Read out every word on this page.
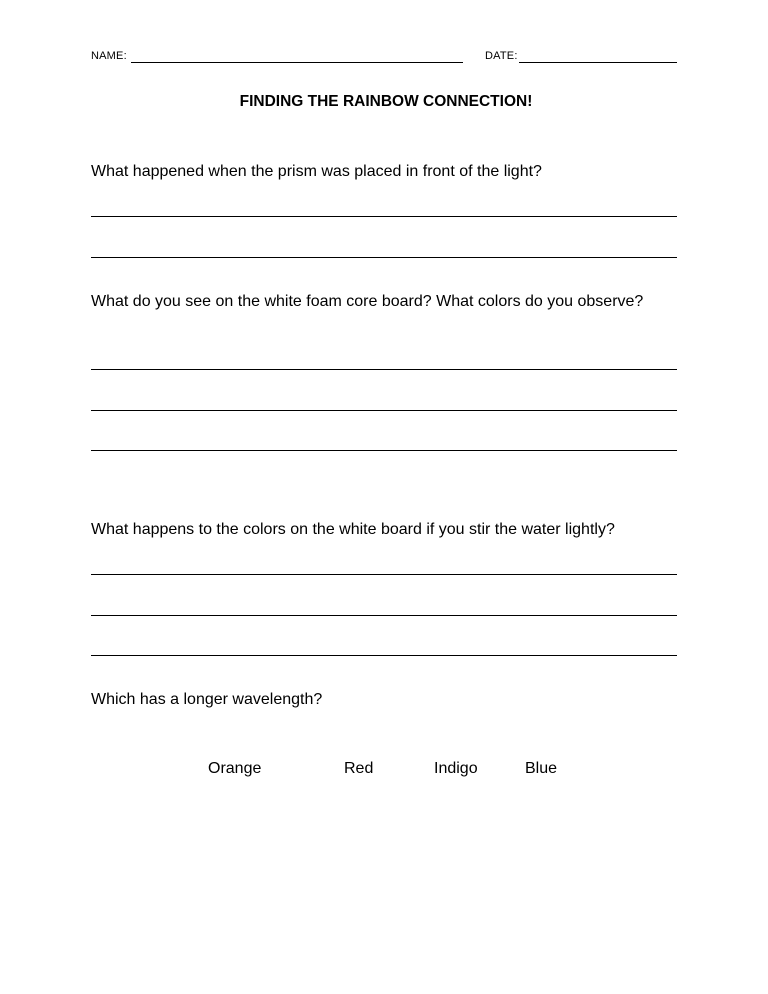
NAME:	DATE:
FINDING THE RAINBOW CONNECTION!
What happened when the prism was placed in front of the light?
What do you see on the white foam core board? What colors do you observe?
What happens to the colors on the white board if you stir the water lightly?
Which has a longer wavelength?
Orange	Red	Indigo	Blue
